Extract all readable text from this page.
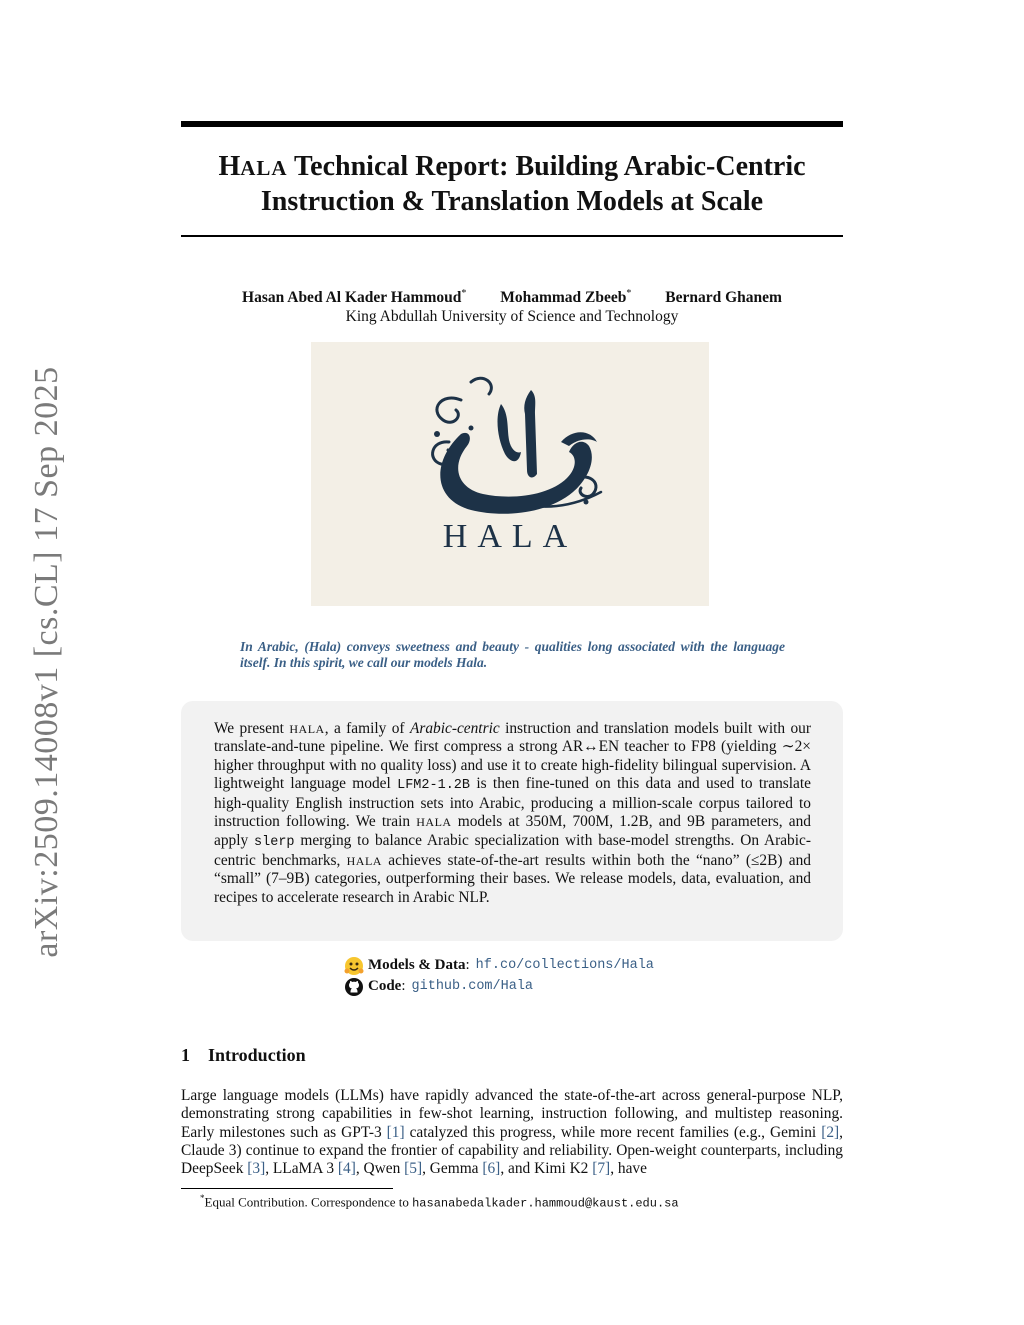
arXiv:2509.14008v1 [cs.CL] 17 Sep 2025
HALA Technical Report: Building Arabic-Centric
Instruction & Translation Models at Scale
Hasan Abed Al Kader Hammoud* Mohammad Zbeeb* Bernard Ghanem
King Abdullah University of Science and Technology
HALA
In Arabic, (Hala) conveys sweetness and beauty - qualities long associated with the language itself. In this spirit, we call our models Hala.
We present HALA, a family of Arabic-centric instruction and translation models built with our translate-and-tune pipeline. We first compress a strong AR↔EN teacher to FP8 (yielding ∼2× higher throughput with no quality loss) and use it to create high-fidelity bilingual supervision. A lightweight language model LFM2-1.2B is then fine-tuned on this data and used to translate high-quality English instruction sets into Arabic, producing a million-scale corpus tailored to instruction following. We train HALA models at 350M, 700M, 1.2B, and 9B parameters, and apply slerp merging to balance Arabic specialization with base-model strengths. On Arabic-centric benchmarks, HALA achieves state-of-the-art results within both the “nano” (≤2B) and “small” (7–9B) categories, outperforming their bases. We release models, data, evaluation, and recipes to accelerate research in Arabic NLP.
Models & Data : hf.co/collections/Hala
Code : github.com/Hala
1 Introduction
Large language models (LLMs) have rapidly advanced the state-of-the-art across general-purpose NLP, demonstrating strong capabilities in few-shot learning, instruction following, and multistep reasoning. Early milestones such as GPT-3 [1] catalyzed this progress, while more recent families (e.g., Gemini [2], Claude 3) continue to expand the frontier of capability and reliability. Open-weight counterparts, including DeepSeek [3], LLaMA 3 [4], Qwen [5], Gemma [6], and Kimi K2 [7], have
*Equal Contribution. Correspondence to hasanabedalkader.hammoud@kaust.edu.sa
